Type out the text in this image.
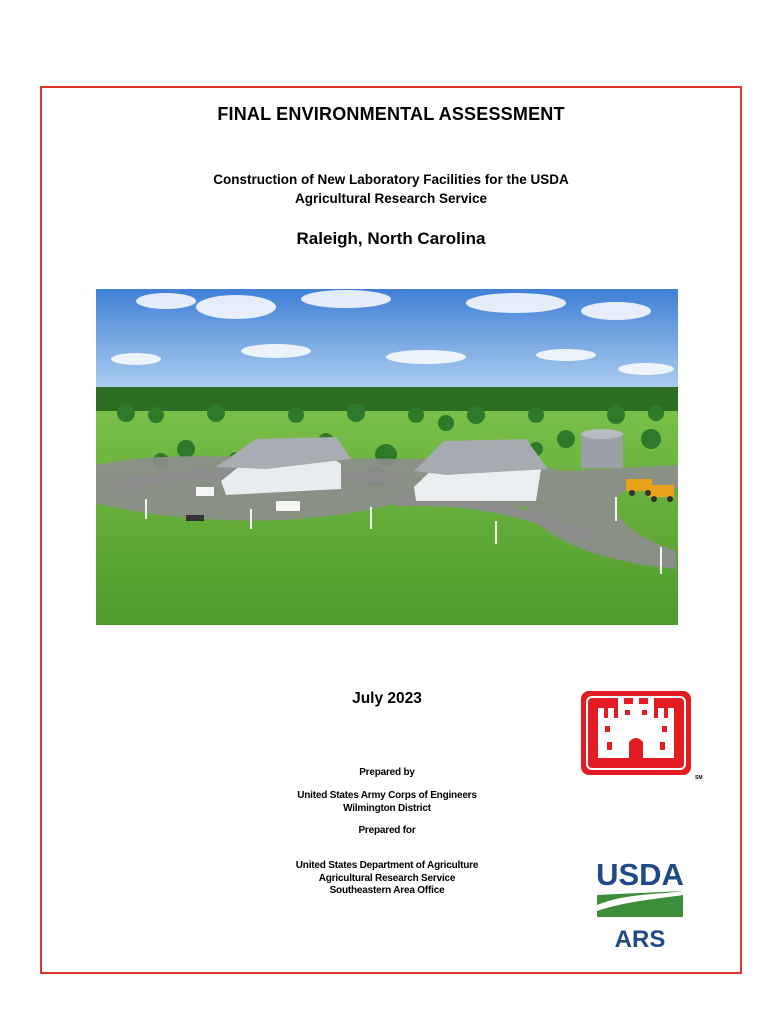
FINAL ENVIRONMENTAL ASSESSMENT
Construction of New Laboratory Facilities for the USDA
Agricultural Research Service
Raleigh, North Carolina
July 2023
Prepared by
United States Army Corps of Engineers
Wilmington District
Prepared for
United States Department of Agriculture
Agricultural Research Service
Southeastern Area Office
SM
USDA
ARS
